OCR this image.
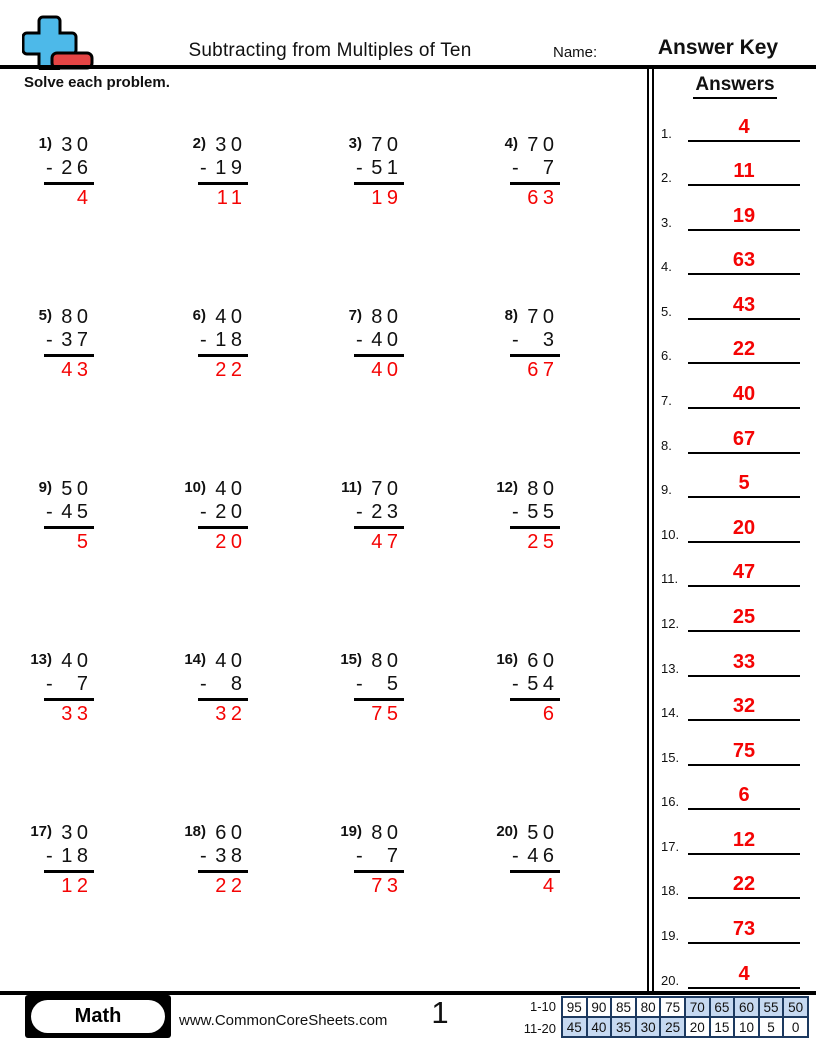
Subtracting from Multiples of Ten	Name:	Answer Key
Solve each problem.
1) 30
- 26
4
2) 30
- 19
11
3) 70
- 51
19
4) 70
-	7
63
5) 80
- 37
43
6) 40
- 18
22
7) 80
- 40
40
8) 70
-	3
67
9) 50
- 45
5
10) 40
- 20
20
11) 70
- 23
47
12) 80
- 55
25
13) 40
-	7
33
14) 40
-	8
32
15) 80
-	5
75
16) 60
- 54
6
17) 30
- 18
12
18) 60
- 38
22
19) 80
-	7
73
20) 50
- 46
4
Answers
1.	4
2.	11
3.	19
4.	63
5.	43
6.	22
7.	40
8.	67
9.	5
10.	20
11.	47
12.	25
13.	33
14.	32
15.	75
16.	6
17.	12
18.	22
19.	73
20.	4
Math	www.CommonCoreSheets.com	1	1-10 95 90 85 80 75 70 65 60 55 50
11-20 45 40 35 30 25 20 15 10 5	0
